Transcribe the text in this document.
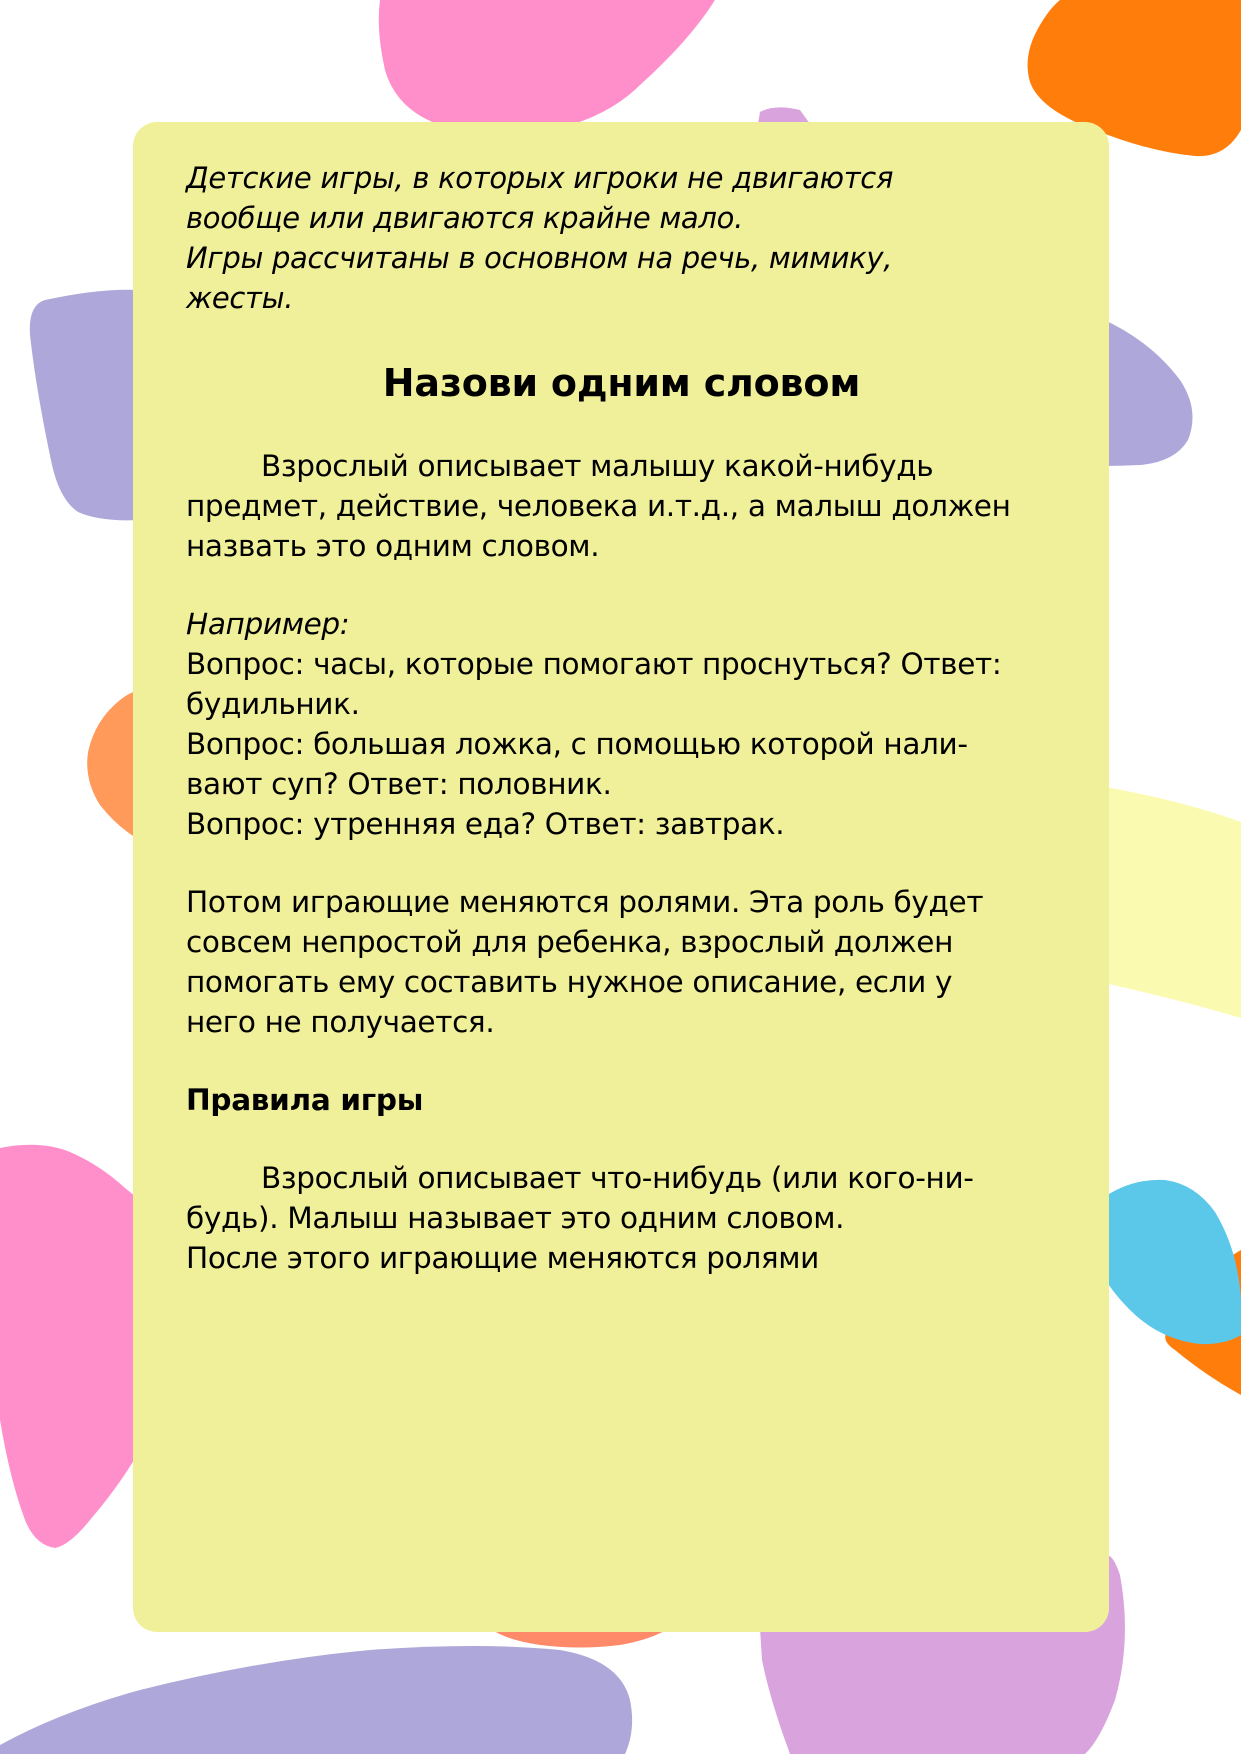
Детские игры, в которых игроки не двигаются
вообще или двигаются крайне мало.
Игры рассчитаны в основном на речь, мимику,
жесты.

Назови одним словом

Взрослый описывает малышу какой-нибудь
предмет, действие, человека и.т.д., а малыш должен
назвать это одним словом.

Например:
Вопрос: часы, которые помогают проснуться? Ответ:
будильник.
Вопрос: большая ложка, с помощью которой нали-
вают суп? Ответ: половник.
Вопрос: утренняя еда? Ответ: завтрак.

Потом играющие меняются ролями. Эта роль будет
совсем непростой для ребенка, взрослый должен
помогать ему составить нужное описание, если у
него не получается.

Правила игры

Взрослый описывает что-нибудь (или кого-ни-
будь). Малыш называет это одним словом.
После этого играющие меняются ролями
